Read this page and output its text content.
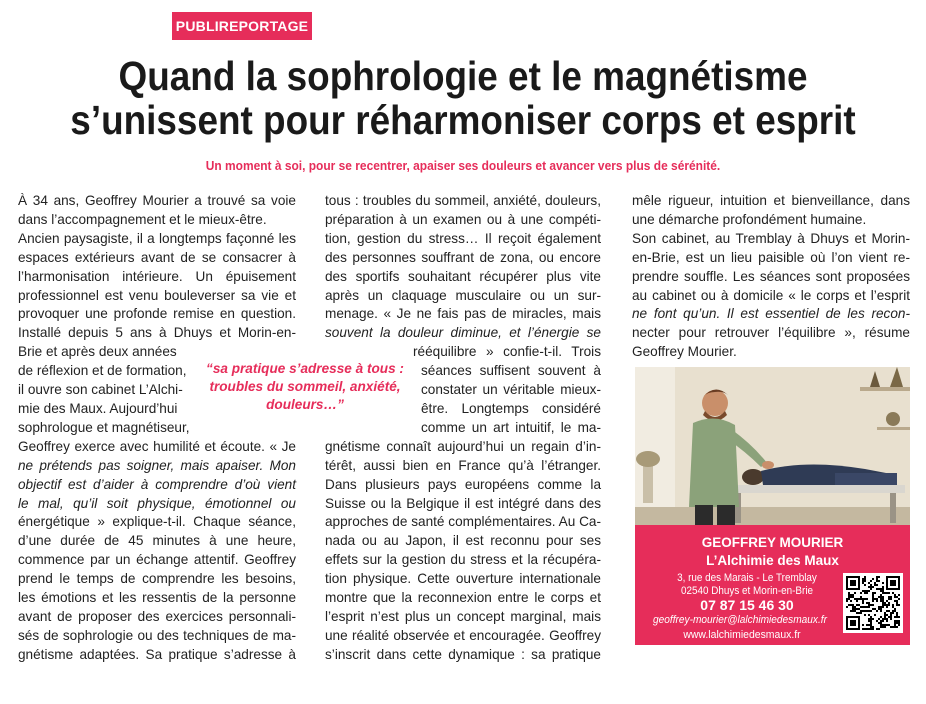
PUBLIREPORTAGE
Quand la sophrologie et le magnétisme
s’unissent pour réharmoniser corps et esprit
Un moment à soi, pour se recentrer, apaiser ses douleurs et avancer vers plus de sérénité.
À 34 ans, Geoffrey Mourier a trouvé sa voie
dans l’accompagnement et le mieux-être.
Ancien paysagiste, il a longtemps façonné les
espaces extérieurs avant de se consacrer à
l’harmonisation intérieure. Un épuisement
professionnel est venu bouleverser sa vie et
provoquer une profonde remise en question.
Installé depuis 5 ans à Dhuys et Morin-en-
Brie et après deux années
de réflexion et de formation,
il ouvre son cabinet L’Alchi-
mie des Maux. Aujourd’hui
sophrologue et magnétiseur,
Geoffrey exerce avec humilité et écoute. « Je
ne prétends pas soigner, mais apaiser. Mon
objectif est d’aider à comprendre d’où vient
le mal, qu’il soit physique, émotionnel ou
énergétique » explique-t-il. Chaque séance,
d’une durée de 45 minutes à une heure,
commence par un échange attentif. Geoffrey
prend le temps de comprendre les besoins,
les émotions et les ressentis de la personne
avant de proposer des exercices personnali-
sés de sophrologie ou des techniques de ma-
gnétisme adaptées. Sa pratique s’adresse à
tous : troubles du sommeil, anxiété, douleurs,
préparation à un examen ou à une compéti-
tion, gestion du stress… Il reçoit également
des personnes souffrant de zona, ou encore
des sportifs souhaitant récupérer plus vite
après un claquage musculaire ou un sur-
menage. « Je ne fais pas de miracles, mais
souvent la douleur diminue, et l’énergie se
rééquilibre » confie-t-il. Trois
séances suffisent souvent à
constater un véritable mieux-
être. Longtemps considéré
comme un art intuitif, le ma-
gnétisme connaît aujourd’hui un regain d’in-
térêt, aussi bien en France qu’à l’étranger.
Dans plusieurs pays européens comme la
Suisse ou la Belgique il est intégré dans des
approches de santé complémentaires. Au Ca-
nada ou au Japon, il est reconnu pour ses
effets sur la gestion du stress et la récupéra-
tion physique. Cette ouverture internationale
montre que la reconnexion entre le corps et
l’esprit n’est plus un concept marginal, mais
une réalité observée et encouragée. Geoffrey
s’inscrit dans cette dynamique : sa pratique
mêle rigueur, intuition et bienveillance, dans
une démarche profondément humaine.
Son cabinet, au Tremblay à Dhuys et Morin-
en-Brie, est un lieu paisible où l’on vient re-
prendre souffle. Les séances sont proposées
au cabinet ou à domicile « le corps et l’esprit
ne font qu’un. Il est essentiel de les recon-
necter pour retrouver l’équilibre », résume
Geoffrey Mourier.
“sa pratique s’adresse à tous :
troubles du sommeil, anxiété,
douleurs…”
GEOFFREY MOURIER
L’Alchimie des Maux
3, rue des Marais - Le Tremblay
02540 Dhuys et Morin-en-Brie
07 87 15 46 30
geoffrey-mourier@lalchimiedesmaux.fr
www.lalchimiedesmaux.fr
